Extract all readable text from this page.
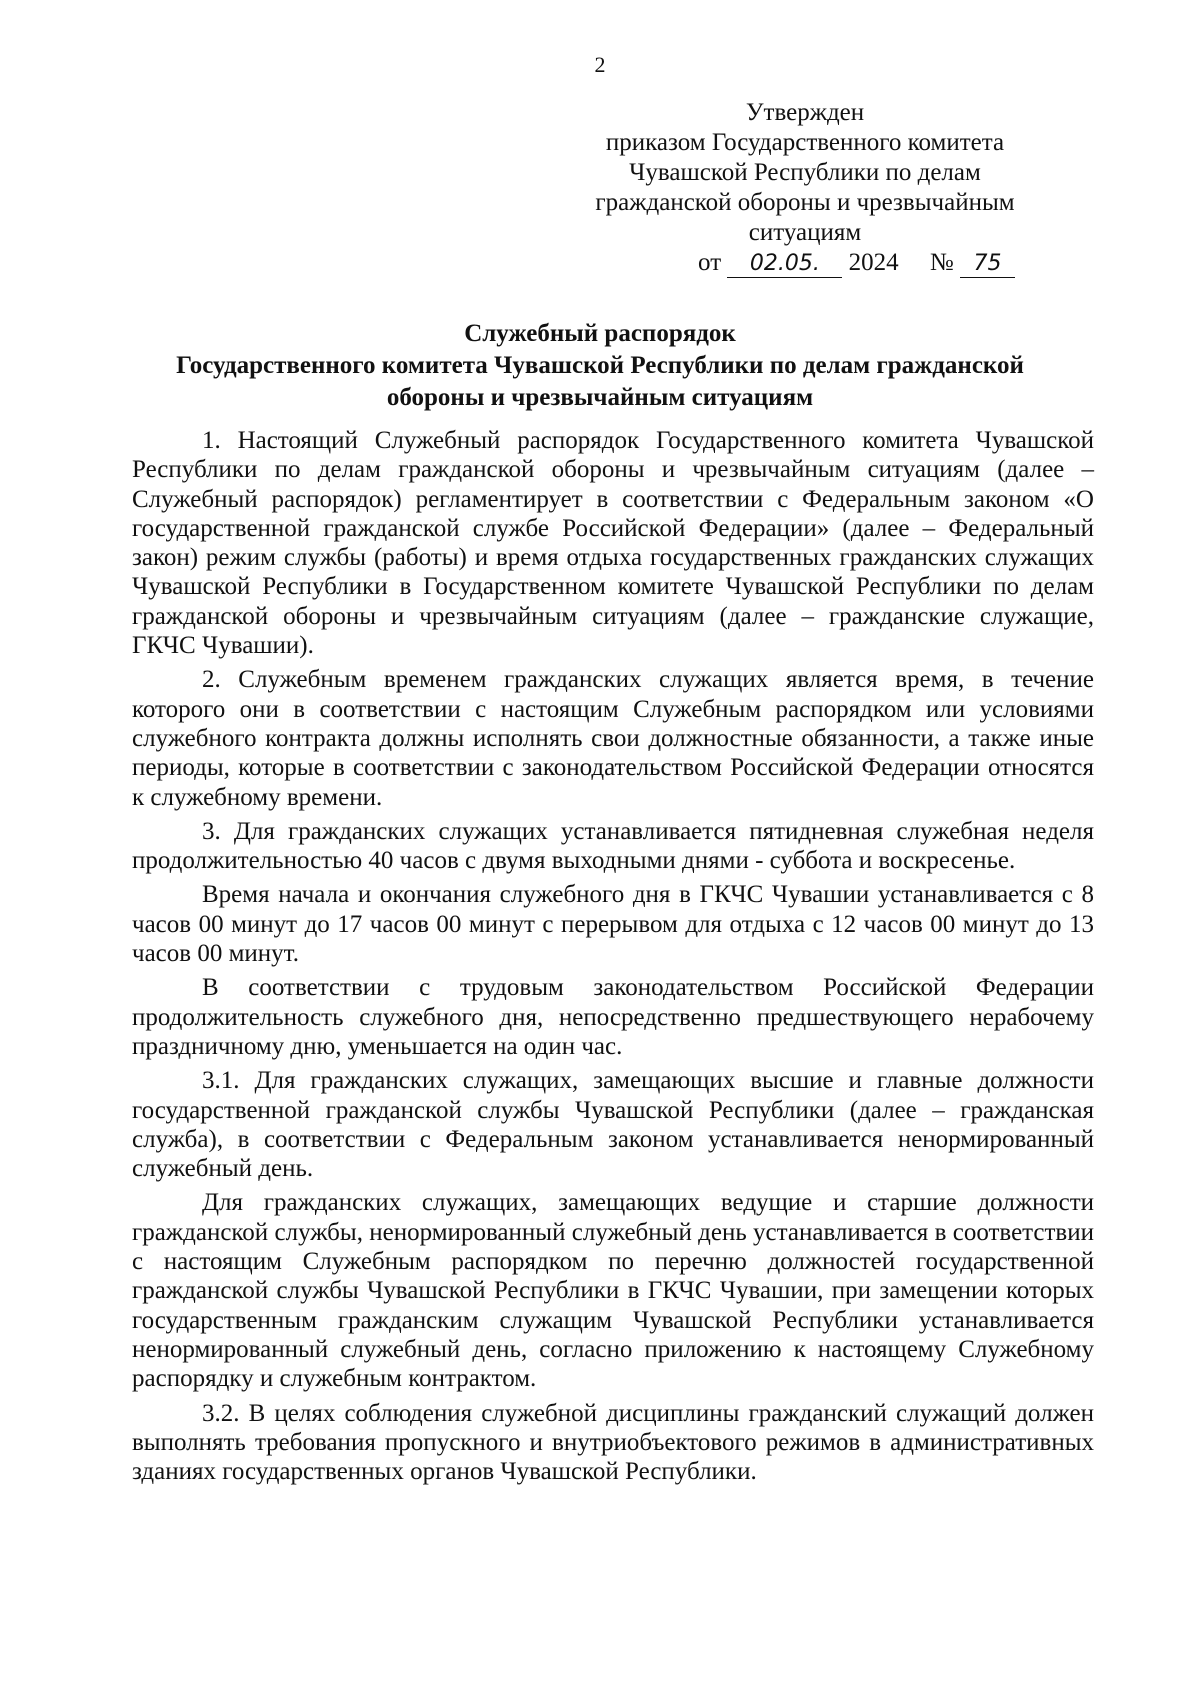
2
Утвержден
приказом Государственного комитета
Чувашской Республики по делам
гражданской обороны и чрезвычайным
ситуациям
от 02.05. 2024 № 75
Служебный распорядок
Государственного комитета Чувашской Республики по делам гражданской
обороны и чрезвычайным ситуациям

1. Настоящий Служебный распорядок Государственного комитета Чувашской Республики по делам гражданской обороны и чрезвычайным ситуациям (далее – Служебный распорядок) регламентирует в соответствии с Федеральным законом «О государственной гражданской службе Российской Федерации» (далее – Федеральный закон) режим службы (работы) и время отдыха государственных гражданских служащих Чувашской Республики в Государственном комитете Чувашской Республики по делам гражданской обороны и чрезвычайным ситуациям (далее – гражданские служащие, ГКЧС Чувашии).

2. Служебным временем гражданских служащих является время, в течение которого они в соответствии с настоящим Служебным распорядком или условиями служебного контракта должны исполнять свои должностные обязанности, а также иные периоды, которые в соответствии с законодательством Российской Федерации относятся к служебному времени.

3. Для гражданских служащих устанавливается пятидневная служебная неделя продолжительностью 40 часов с двумя выходными днями - суббота и воскресенье.

Время начала и окончания служебного дня в ГКЧС Чувашии устанавливается с 8 часов 00 минут до 17 часов 00 минут с перерывом для отдыха с 12 часов 00 минут до 13 часов 00 минут.

В соответствии с трудовым законодательством Российской Федерации продолжительность служебного дня, непосредственно предшествующего нерабочему праздничному дню, уменьшается на один час.

3.1. Для гражданских служащих, замещающих высшие и главные должности государственной гражданской службы Чувашской Республики (далее – гражданская служба), в соответствии с Федеральным законом устанавливается ненормированный служебный день.

Для гражданских служащих, замещающих ведущие и старшие должности гражданской службы, ненормированный служебный день устанавливается в соответствии с настоящим Служебным распорядком по перечню должностей государственной гражданской службы Чувашской Республики в ГКЧС Чувашии, при замещении которых государственным гражданским служащим Чувашской Республики устанавливается ненормированный служебный день, согласно приложению к настоящему Служебному распорядку и служебным контрактом.

3.2. В целях соблюдения служебной дисциплины гражданский служащий должен выполнять требования пропускного и внутриобъектового режимов в административных зданиях государственных органов Чувашской Республики.
